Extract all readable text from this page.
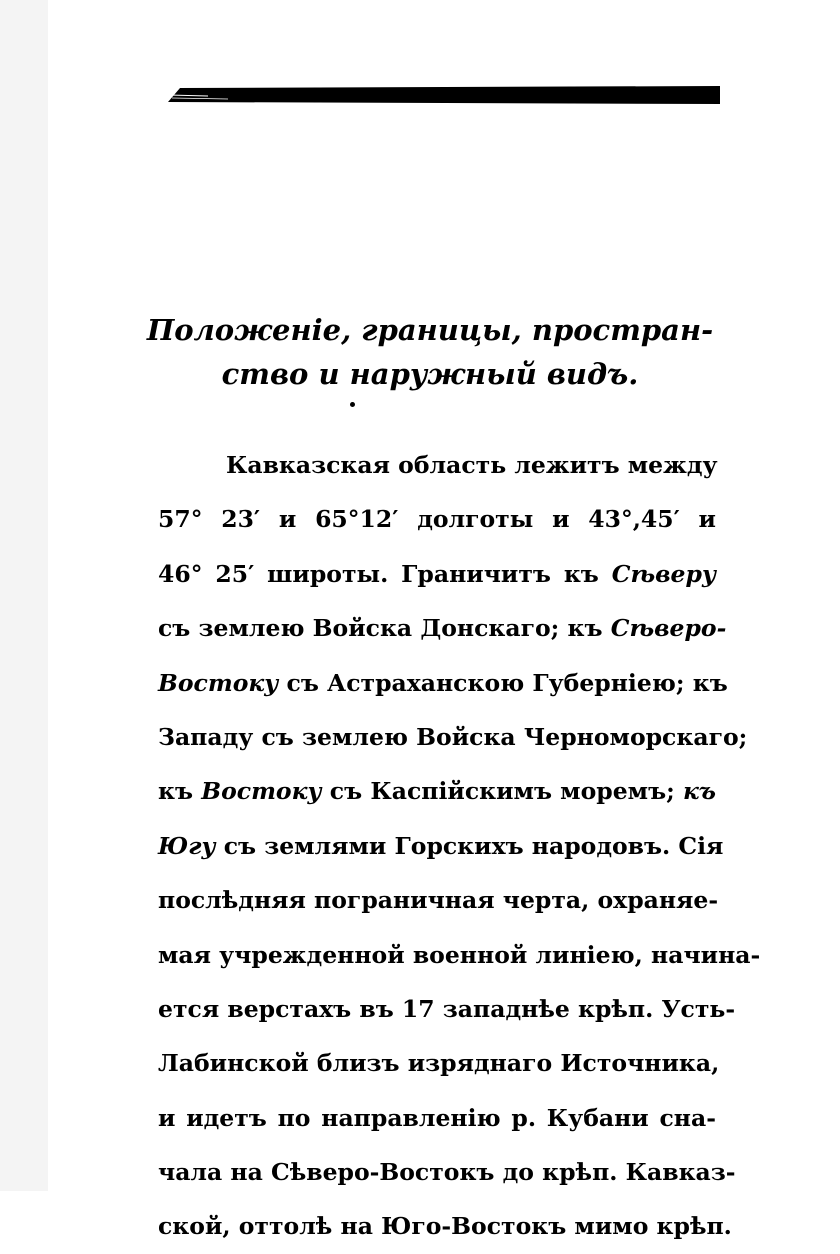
Положеніе, границы, простран-
ство и наружный видъ.
Кавказская область лежитъ между
57° 23′ и 65°12′ долготы и 43°,45′ и
46° 25′ широты. Граничитъ къ Сѣверу
съ землею Войска Донскаго; къ Сѣверо-
Востоку съ Астраханскою Губерніею; къ
Западу съ землею Войска Черноморскаго;
къ Востоку съ Каспійскимъ моремъ; къ
Югу съ землями Горскихъ народовъ. Сія
послѣдняя пограничная черта, охраняе-
мая учрежденной военной линіею, начина-
ется верстахъ въ 17 западнѣе крѣп. Усть-
Лабинской близъ изряднаго Источника,
и идетъ по направленію р. Кубани сна-
чала на Сѣверо-Востокъ до крѣп. Кавказ-
ской, оттолѣ на Юго-Востокъ мимо крѣп.
